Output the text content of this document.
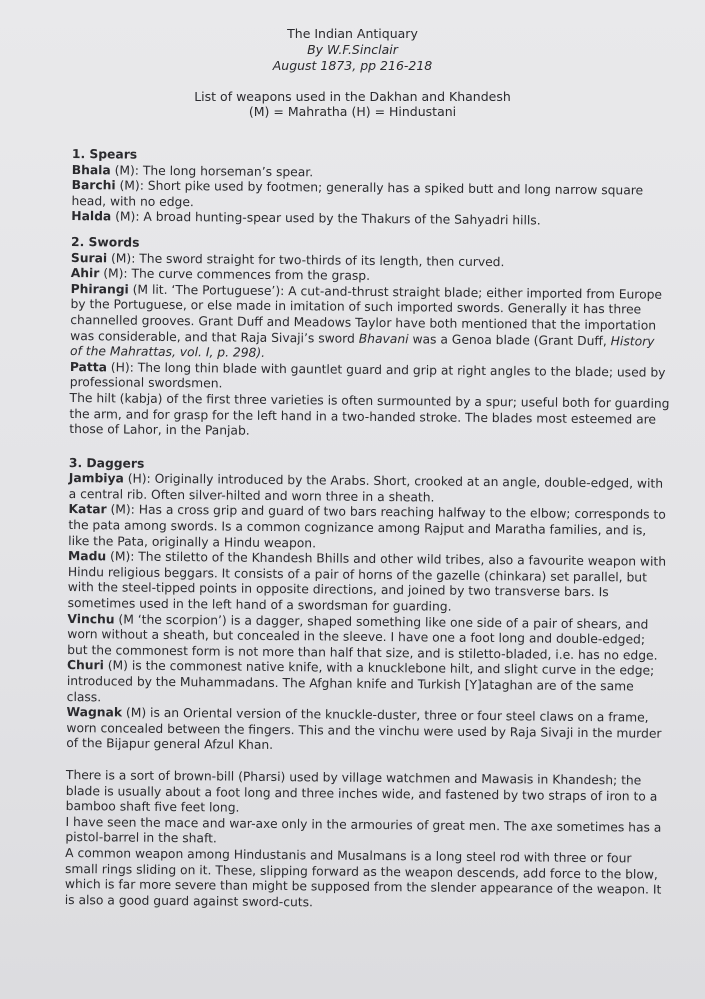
The Indian Antiquary
By W.F.Sinclair
August 1873, pp 216-218
List of weapons used in the Dakhan and Khandesh
(M) = Mahratha (H) = Hindustani
1. Spears

Bhala (M): The long horseman’s spear.

Barchi (M): Short pike used by footmen; generally has a spiked butt and long narrow square head, with no edge.

Halda (M): A broad hunting-spear used by the Thakurs of the Sahyadri hills.

2. Swords

Surai (M): The sword straight for two-thirds of its length, then curved.

Ahir (M): The curve commences from the grasp.

Phirangi (M lit. ‘The Portuguese’): A cut-and-thrust straight blade; either imported from Europe by the Portuguese, or else made in imitation of such imported swords. Generally it has three channelled grooves. Grant Duff and Meadows Taylor have both mentioned that the importation was considerable, and that Raja Sivaji’s sword Bhavani was a Genoa blade (Grant Duff, History of the Mahrattas, vol. I, p. 298).

Patta (H): The long thin blade with gauntlet guard and grip at right angles to the blade; used by professional swordsmen.

The hilt (kabja) of the first three varieties is often surmounted by a spur; useful both for guarding the arm, and for grasp for the left hand in a two-handed stroke. The blades most esteemed are those of Lahor, in the Panjab.

3. Daggers

Jambiya (H): Originally introduced by the Arabs. Short, crooked at an angle, double-edged, with a central rib. Often silver-hilted and worn three in a sheath.

Katar (M): Has a cross grip and guard of two bars reaching halfway to the elbow; corresponds to the pata among swords. Is a common cognizance among Rajput and Maratha families, and is, like the Pata, originally a Hindu weapon.

Madu (M): The stiletto of the Khandesh Bhills and other wild tribes, also a favourite weapon with Hindu religious beggars. It consists of a pair of horns of the gazelle (chinkara) set parallel, but with the steel-tipped points in opposite directions, and joined by two transverse bars. Is sometimes used in the left hand of a swordsman for guarding.

Vinchu (M ‘the scorpion’) is a dagger, shaped something like one side of a pair of shears, and worn without a sheath, but concealed in the sleeve. I have one a foot long and double-edged; but the commonest form is not more than half that size, and is stiletto-bladed, i.e. has no edge.

Churi (M) is the commonest native knife, with a knucklebone hilt, and slight curve in the edge; introduced by the Muhammadans. The Afghan knife and Turkish [Y]ataghan are of the same class.

Wagnak (M) is an Oriental version of the knuckle-duster, three or four steel claws on a frame, worn concealed between the fingers. This and the vinchu were used by Raja Sivaji in the murder of the Bijapur general Afzul Khan.

There is a sort of brown-bill (Pharsi) used by village watchmen and Mawasis in Khandesh; the blade is usually about a foot long and three inches wide, and fastened by two straps of iron to a bamboo shaft five feet long.

I have seen the mace and war-axe only in the armouries of great men. The axe sometimes has a pistol-barrel in the shaft.

A common weapon among Hindustanis and Musalmans is a long steel rod with three or four small rings sliding on it. These, slipping forward as the weapon descends, add force to the blow, which is far more severe than might be supposed from the slender appearance of the weapon. It is also a good guard against sword-cuts.
